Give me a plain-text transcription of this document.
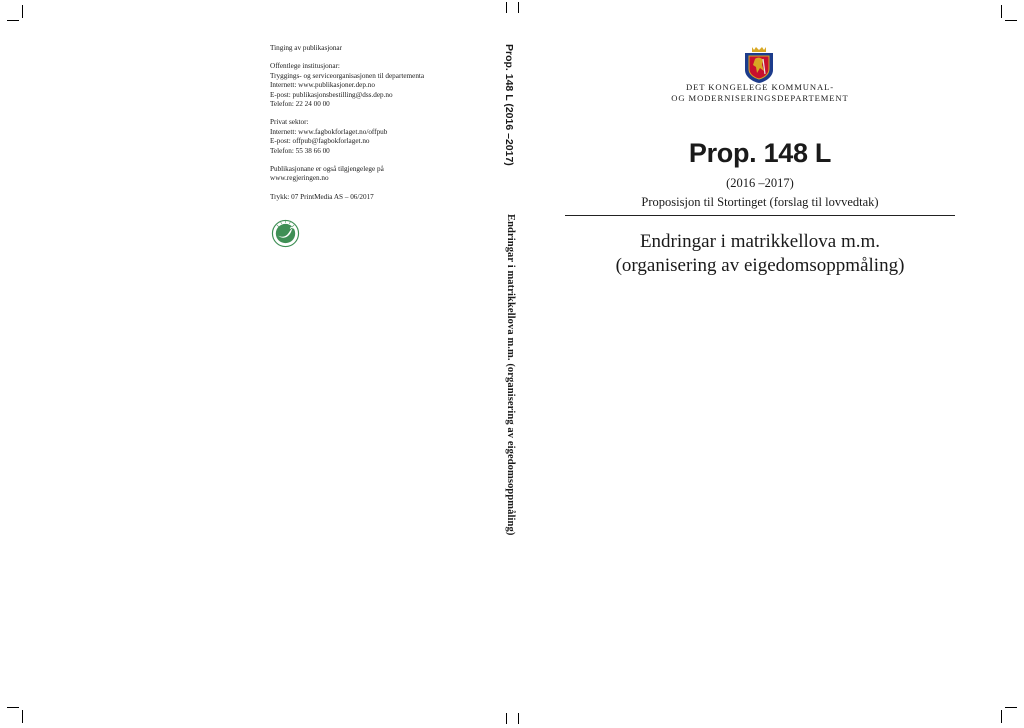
Tinging av publikasjonar
Offentlege institusjonar:
Tryggings- og serviceorganisasjonen til departementa
Internett: www.publikasjoner.dep.no
E-post: publikasjonsbestilling@dss.dep.no
Telefon: 22 24 00 00
Privat sektor:
Internett: www.fagbokforlaget.no/offpub
E-post: offpub@fagbokforlaget.no
Telefon: 55 38 66 00
Publikasjonane er også tilgjengelege på
www.regjeringen.no
Trykk: 07 PrintMedia AS – 06/2017
Prop. 148 L (2016 –2017)
Endringar i matrikkellova m.m. (organisering av eigedomsoppmåling)
DET KONGELEGE KOMMUNAL-
OG MODERNISERINGSDEPARTEMENT
Prop. 148 L
(2016 –2017)
Proposisjon til Stortinget (forslag til lovvedtak)
Endringar i matrikkellova m.m.
(organisering av eigedomsoppmåling)
